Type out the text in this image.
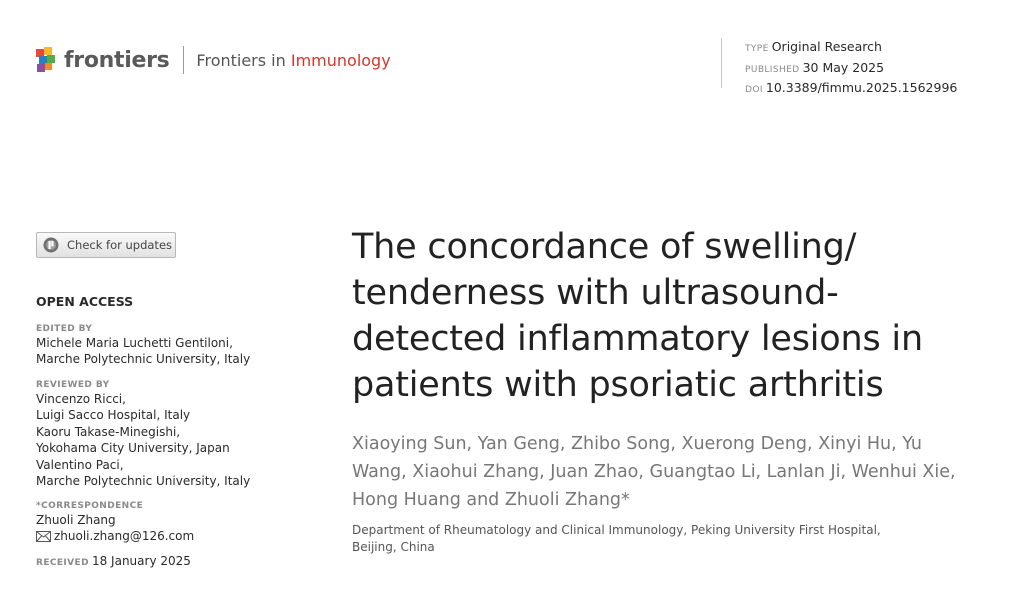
frontiers Frontiers in Immunology
TYPE Original Research
PUBLISHED 30 May 2025
DOI 10.3389/fimmu.2025.1562996
Check for updates
OPEN ACCESS
EDITED BY
Michele Maria Luchetti Gentiloni,
Marche Polytechnic University, Italy
REVIEWED BY
Vincenzo Ricci,
Luigi Sacco Hospital, Italy
Kaoru Takase-Minegishi,
Yokohama City University, Japan
Valentino Paci,
Marche Polytechnic University, Italy
*CORRESPONDENCE
Zhuoli Zhang
zhuoli.zhang@126.com
RECEIVED 18 January 2025
The concordance of swelling/ tenderness with ultrasound-detected inflammatory lesions in patients with psoriatic arthritis
Xiaoying Sun, Yan Geng, Zhibo Song, Xuerong Deng, Xinyi Hu, Yu Wang, Xiaohui Zhang, Juan Zhao, Guangtao Li, Lanlan Ji, Wenhui Xie, Hong Huang and Zhuoli Zhang*
Department of Rheumatology and Clinical Immunology, Peking University First Hospital, Beijing, China
